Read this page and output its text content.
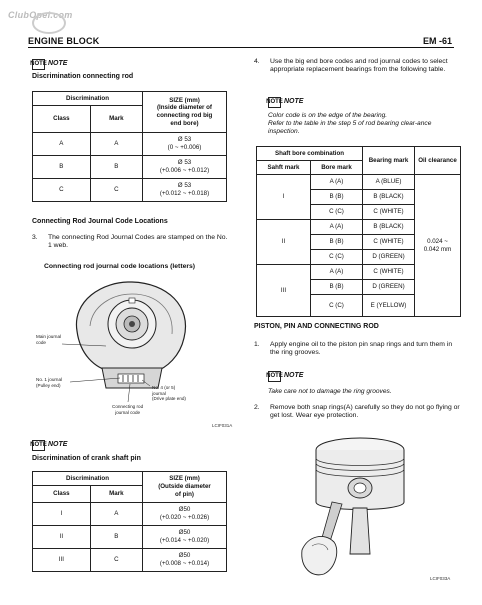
ClubOpel.com
ENGINE BLOCK	EM -61
NOTE NOTE
Discrimination connecting rod
Discrimination		SIZE (mm)
(Inside diameter of
connecting rod big
end bore)

Class	Mark	
A	A	Ø 53
(0 ~ +0.006)

B	B	Ø 53
(+0.006 ~ +0.012)

C	C	Ø 53
(+0.012 ~ +0.018)
Connecting Rod Journal Code Locations
3.	The connecting Rod Journal Codes are stamped on the No. 1 web.
Connecting rod journal code locations (letters)
Main journal
code
No. 1 journal
(Pulley end)	No. 4 (or 5)
journal
(Drive plate end)
Connecting rod
journal code
LCIF031A
NOTE NOTE
Discrimination of crank shaft pin
Discrimination		SIZE (mm)
(Outside diameter
of pin)

Class	Mark	
I	A	Ø50
(+0.020 ~ +0.026)

II	B	Ø50
(+0.014 ~ +0.020)

III	C	Ø50
(+0.008 ~ +0.014)
4.	Use the big end bore codes and rod journal codes to select appropriate replacement bearings from the following table.
NOTE NOTE
Color code is on the edge of the bearing.
Refer to the table in the step 5 of rod bearing clear-ance inspection.
Shaft bore combination		Bearing mark	Oil clearance
Sahft mark	Bore mark		
I	A (A)	A (BLUE)	0.024 ~
0.042 mm

	B (B)	B (BLACK)	
	C (C)	C (WHITE)	
II	A (A)	B (BLACK)	
	B (B)	C (WHITE)	
	C (C)	D (GREEN)	
III	A (A)	C (WHITE)	
	B (B)	D (GREEN)	
	C (C)	E (YELLOW)	
PISTON, PIN AND CONNECTING ROD
1.	Apply engine oil to the piston pin snap rings and turn them in the ring grooves.
NOTE NOTE
Take care not to damage the ring grooves.
2.	Remove both snap rings(A) carefully so they do not go flying or get lost. Wear eye protection.
LCIF033A
